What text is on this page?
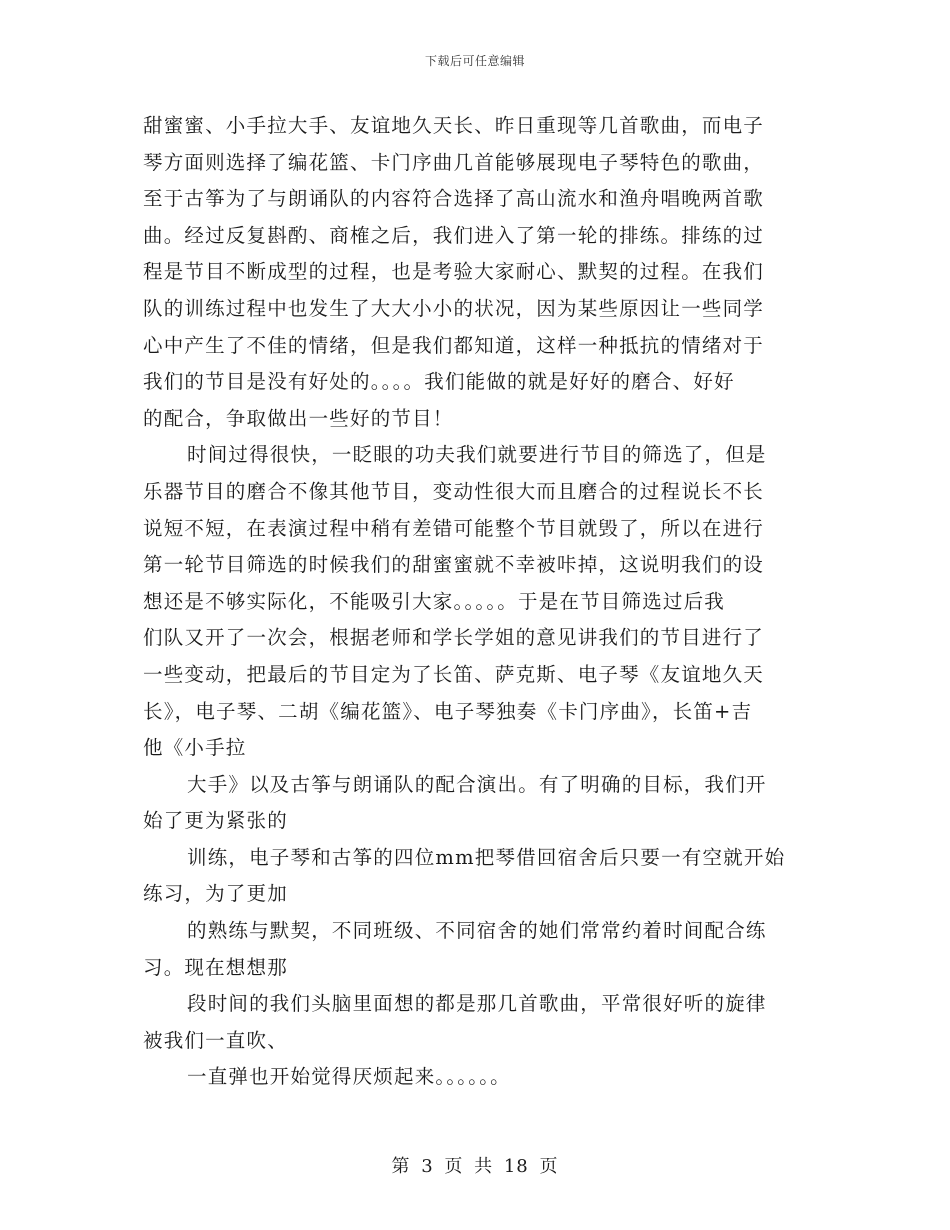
下载后可任意编辑
甜蜜蜜、小手拉大手、友谊地久天长、昨日重现等几首歌曲，而电子
琴方面则选择了编花篮、卡门序曲几首能够展现电子琴特色的歌曲，
至于古筝为了与朗诵队的内容符合选择了高山流水和渔舟唱晚两首歌
曲。经过反复斟酌、商榷之后，我们进入了第一轮的排练。排练的过
程是节目不断成型的过程，也是考验大家耐心、默契的过程。在我们
队的训练过程中也发生了大大小小的状况，因为某些原因让一些同学
心中产生了不佳的情绪，但是我们都知道，这样一种抵抗的情绪对于
我们的节目是没有好处的。。。。我们能做的就是好好的磨合、好好
的配合，争取做出一些好的节目！
时间过得很快，一眨眼的功夫我们就要进行节目的筛选了，但是
乐器节目的磨合不像其他节目，变动性很大而且磨合的过程说长不长
说短不短，在表演过程中稍有差错可能整个节目就毁了，所以在进行
第一轮节目筛选的时候我们的甜蜜蜜就不幸被咔掉，这说明我们的设
想还是不够实际化，不能吸引大家。。。。。于是在节目筛选过后我
们队又开了一次会，根据老师和学长学姐的意见讲我们的节目进行了
一些变动，把最后的节目定为了长笛、萨克斯、电子琴《友谊地久天
长》，电子琴、二胡《编花篮》、电子琴独奏《卡门序曲》，长笛+吉
他《小手拉
大手》以及古筝与朗诵队的配合演出。有了明确的目标，我们开
始了更为紧张的
训练，电子琴和古筝的四位mm把琴借回宿舍后只要一有空就开始
练习，为了更加
的熟练与默契，不同班级、不同宿舍的她们常常约着时间配合练
习。现在想想那
段时间的我们头脑里面想的都是那几首歌曲，平常很好听的旋律
被我们一直吹、
一直弹也开始觉得厌烦起来。。。。。。
第 3 页 共 18 页
